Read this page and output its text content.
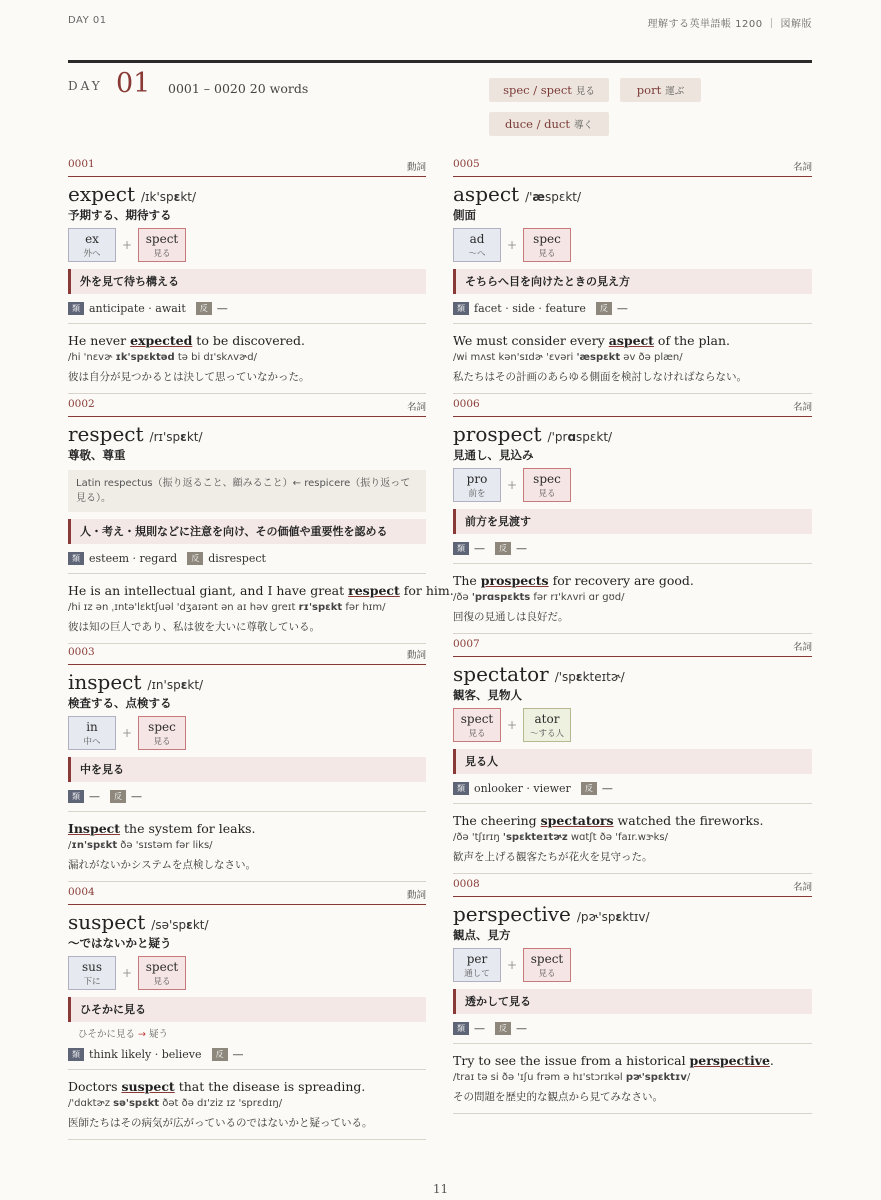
DAY 01	理解する英単語帳 1200 ｜ 図解版
DAY 01 0001 – 0020 20 words	spec / spect 見る	port 運ぶ
duce / duct 導く
0001	動詞
expect /ɪk'spɛkt/
予期する、期待する
ex
外へ
+	spect
見る
外を見て待ち構える
類 anticipate · await	反 —
He never expected to be discovered.
/hi 'nɛvɚ ɪk'spɛktəd tə bi dɪ'skʌvɚd/
彼は自分が見つかるとは決して思っていなかった。
0002	名詞
respect /rɪ'spɛkt/
尊敬、尊重
Latin respectus（振り返ること、顧みること）← respicere（振り返って見る）。
人・考え・規則などに注意を向け、その価値や重要性を認める
類 esteem · regard	反 disrespect
He is an intellectual giant, and I have great respect for him.
/hi ɪz ən ˌɪntə'lɛktʃuəl 'dʒaɪənt ən aɪ həv greɪt rɪ'spɛkt fər hɪm/
彼は知の巨人であり、私は彼を大いに尊敬している。
0003	動詞
inspect /ɪn'spɛkt/
検査する、点検する
in
中へ
+	spec
見る
中を見る
類 —	反 —
Inspect the system for leaks.
/ɪn'spɛkt ðə 'sɪstəm fər liks/
漏れがないかシステムを点検しなさい。
0004	動詞
suspect /sə'spɛkt/
〜ではないかと疑う
sus
下に
+	spect
見る
ひそかに見る
ひそかに見る → 疑う
類 think likely · believe	反 —
Doctors suspect that the disease is spreading.
/'dɑktɚz sə'spɛkt ðət ðə dɪ'ziz ɪz 'sprɛdɪŋ/
医師たちはその病気が広がっているのではないかと疑っている。
0005	名詞
aspect /'æspɛkt/
側面
ad
〜へ
+	spec
見る
そちらへ目を向けたときの見え方
類 facet · side · feature	反 —
We must consider every aspect of the plan.
/wi mʌst kən'sɪdɚ 'ɛvəri 'æspɛkt əv ðə plæn/
私たちはその計画のあらゆる側面を検討しなければならない。
0006	名詞
prospect /'prɑspɛkt/
見通し、見込み
pro
前を
+	spec
見る
前方を見渡す
類 —	反 —
The prospects for recovery are good.
/ðə 'prɑspɛkts fər rɪ'kʌvri ɑr gʊd/
回復の見通しは良好だ。
0007	名詞
spectator /'spɛkteɪtɚ/
観客、見物人
spect
見る
+	ator
〜する人
見る人
類 onlooker · viewer	反 —
The cheering spectators watched the fireworks.
/ðə 'tʃɪrɪŋ 'spɛkteɪtɚz wɑtʃt ðə 'faɪr.wɝks/
歓声を上げる観客たちが花火を見守った。
0008	名詞
perspective /pɚ'spɛktɪv/
観点、見方
per
通して
+	spect
見る
透かして見る
類 —	反 —
Try to see the issue from a historical perspective.
/traɪ tə si ðə 'ɪʃu frəm ə hɪ'stɔrɪkəl pɚ'spɛktɪv/
その問題を歴史的な観点から見てみなさい。
11
